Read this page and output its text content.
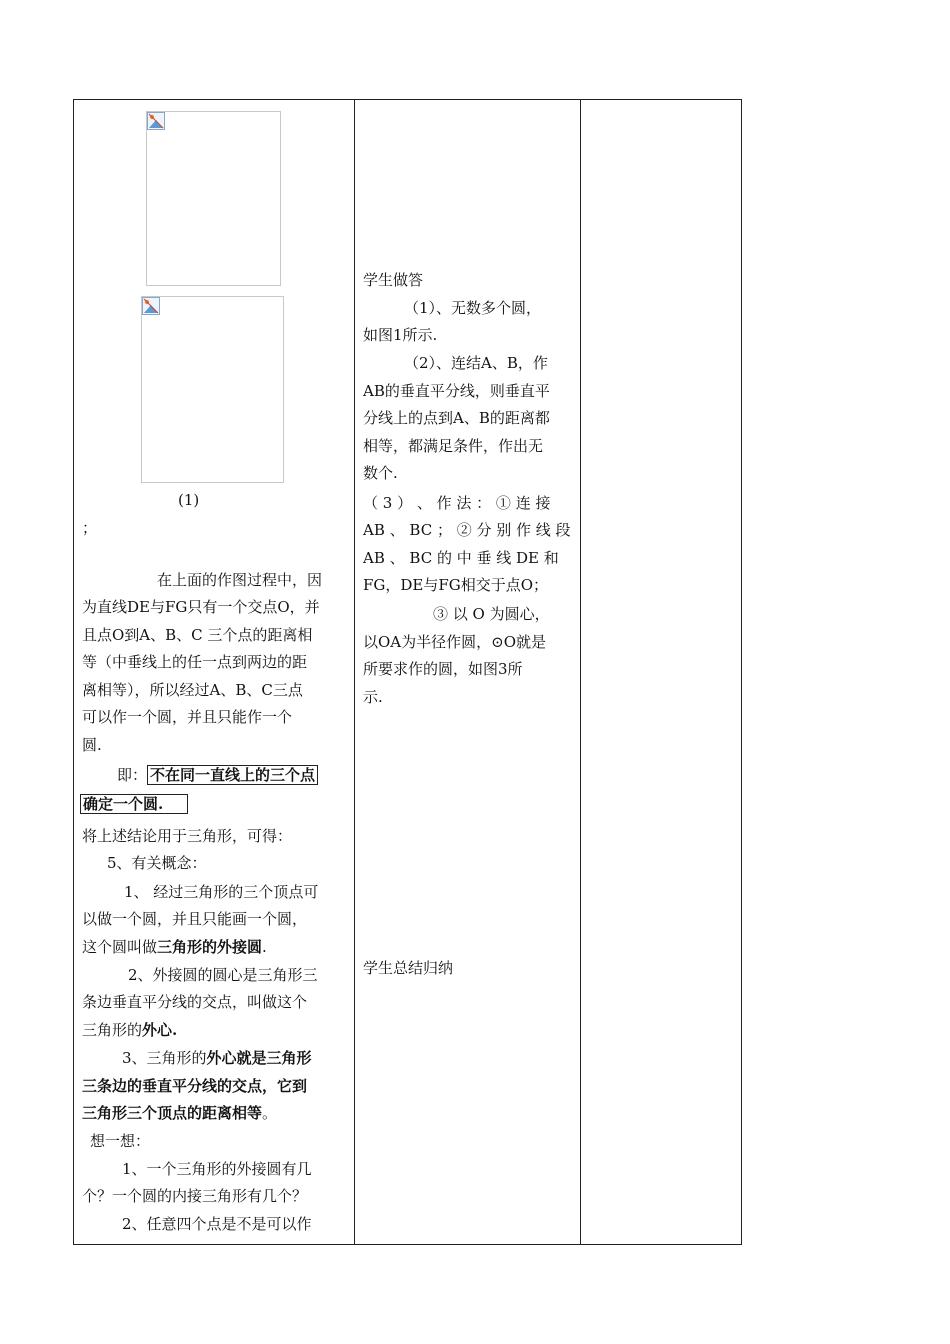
(1)

；

在上面的作图过程中，因

为直线DE与FG只有一个交点O，并

且点O到A、B、C 三个点的距离相

等（中垂线上的任一点到两边的距

离相等），所以经过A、B、C三点

可以作一个圆，并且只能作一个

圆.

即： 不在同一直线上的三个点

确定一个圆.

将上述结论用于三角形，可得：

5、有关概念：

1、 经过三角形的三个顶点可

以做一个圆，并且只能画一个圆，

这个圆叫做三角形的外接圆.

2、外接圆的圆心是三角形三

条边垂直平分线的交点，叫做这个

三角形的外心.

3、三角形的外心就是三角形

三条边的垂直平分线的交点，它到

三角形三个顶点的距离相等。

想一想：

1、一个三角形的外接圆有几

个？一个圆的内接三角形有几个？

2、任意四个点是不是可以作

学生做答

（1）、无数多个圆，

如图1所示.

（2）、连结A、B，作

AB的垂直平分线，则垂直平

分线上的点到A、B的距离都

相等，都满足条件，作出无

数个.

（ 3 ） 、 作 法 ： ① 连 接

AB 、 BC ； ② 分 别 作 线 段

AB 、 BC 的 中 垂 线 DE 和

FG，DE与FG相交于点O；

③ 以 O 为圆心，

以OA为半径作圆，⊙O就是

所要求作的圆，如图3所

示.

学生总结归纳
